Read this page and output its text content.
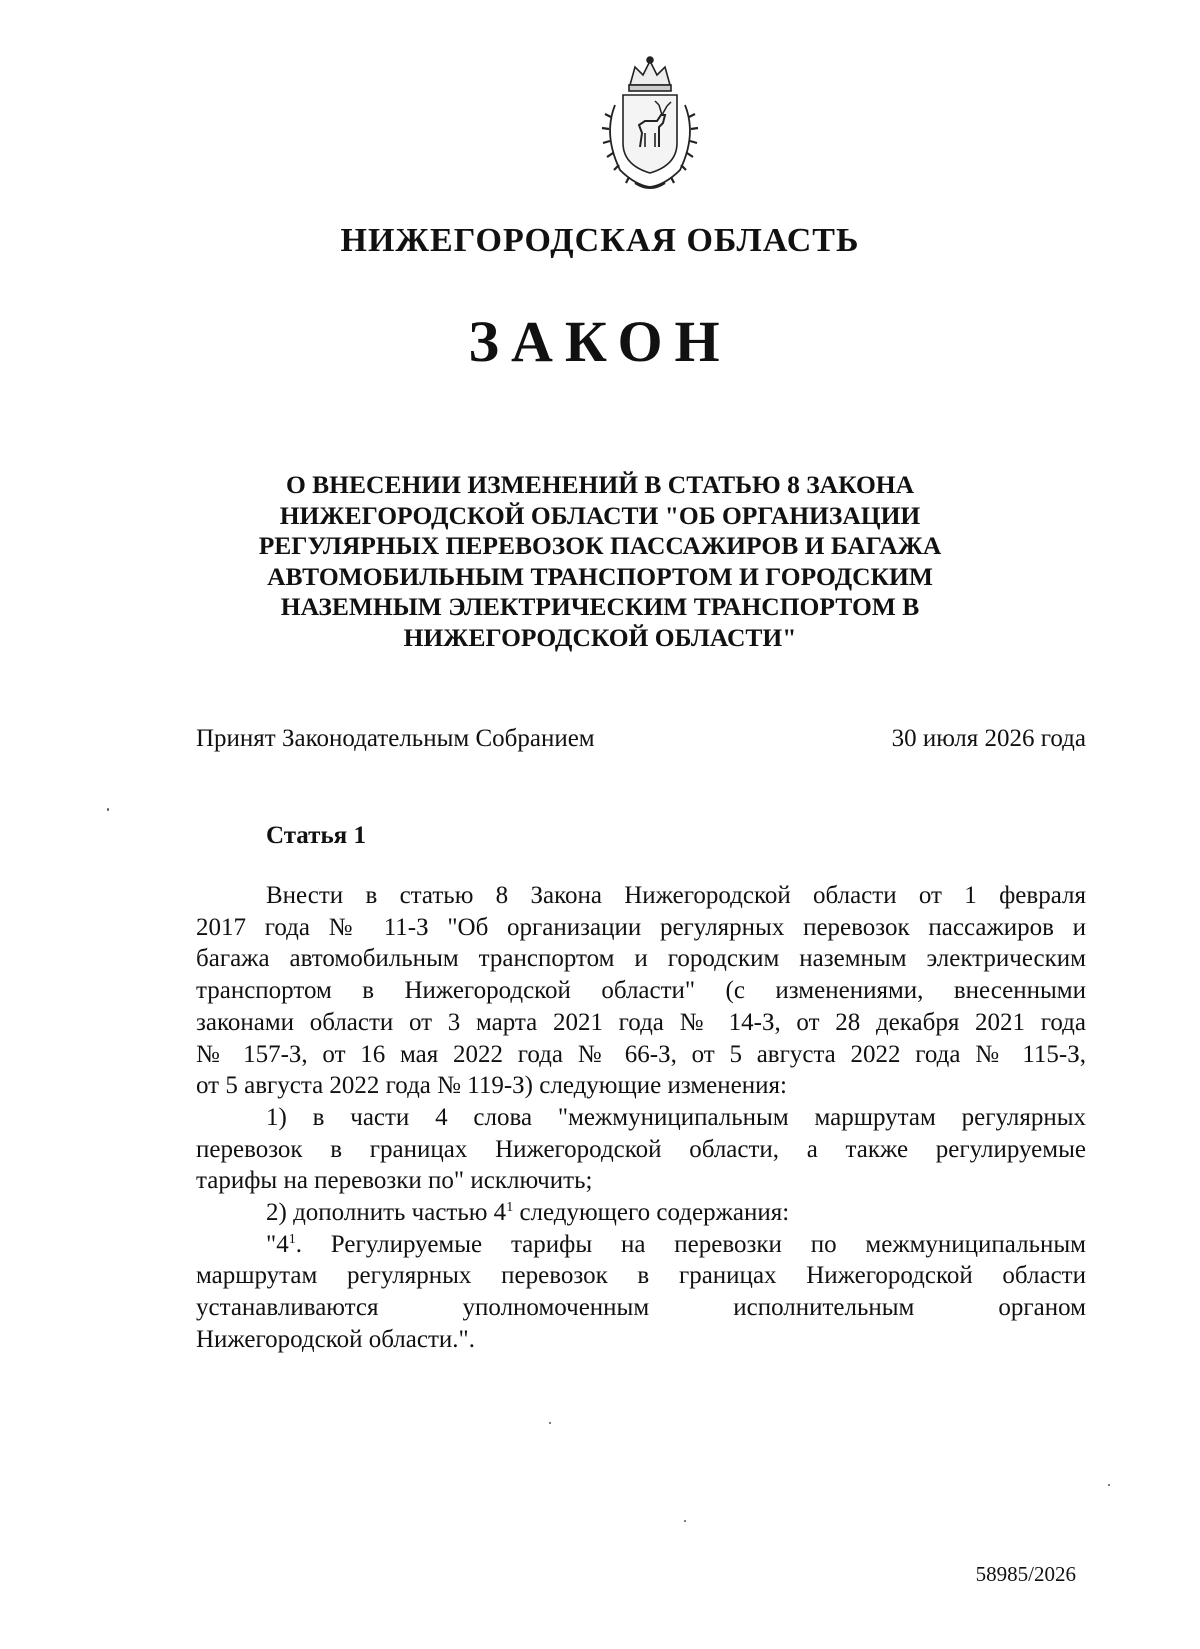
НИЖЕГОРОДСКАЯ ОБЛАСТЬ
ЗАКОН
О ВНЕСЕНИИ ИЗМЕНЕНИЙ В СТАТЬЮ 8 ЗАКОНА
НИЖЕГОРОДСКОЙ ОБЛАСТИ "ОБ ОРГАНИЗАЦИИ
РЕГУЛЯРНЫХ ПЕРЕВОЗОК ПАССАЖИРОВ И БАГАЖА
АВТОМОБИЛЬНЫМ ТРАНСПОРТОМ И ГОРОДСКИМ
НАЗЕМНЫМ ЭЛЕКТРИЧЕСКИМ ТРАНСПОРТОМ В
НИЖЕГОРОДСКОЙ ОБЛАСТИ"
Принят Законодательным Собранием	30 июля 2026 года
Статья 1
Внести в статью 8 Закона Нижегородской области от 1 февраля
2017 года № 11-З "Об организации регулярных перевозок пассажиров и
багажа автомобильным транспортом и городским наземным электрическим
транспортом в Нижегородской области" (с изменениями, внесенными
законами области от 3 марта 2021 года № 14-З, от 28 декабря 2021 года
№ 157-З, от 16 мая 2022 года № 66-З, от 5 августа 2022 года № 115-З,
от 5 августа 2022 года № 119-З) следующие изменения:
1) в части 4 слова "межмуниципальным маршрутам регулярных
перевозок в границах Нижегородской области, а также регулируемые
тарифы на перевозки по" исключить;
2) дополнить частью $4^1$ следующего содержания:
"$4^1$. Регулируемые тарифы на перевозки по межмуниципальным
маршрутам регулярных перевозок в границах Нижегородской области
устанавливаются уполномоченным исполнительным органом
Нижегородской области.".
58985/2026
